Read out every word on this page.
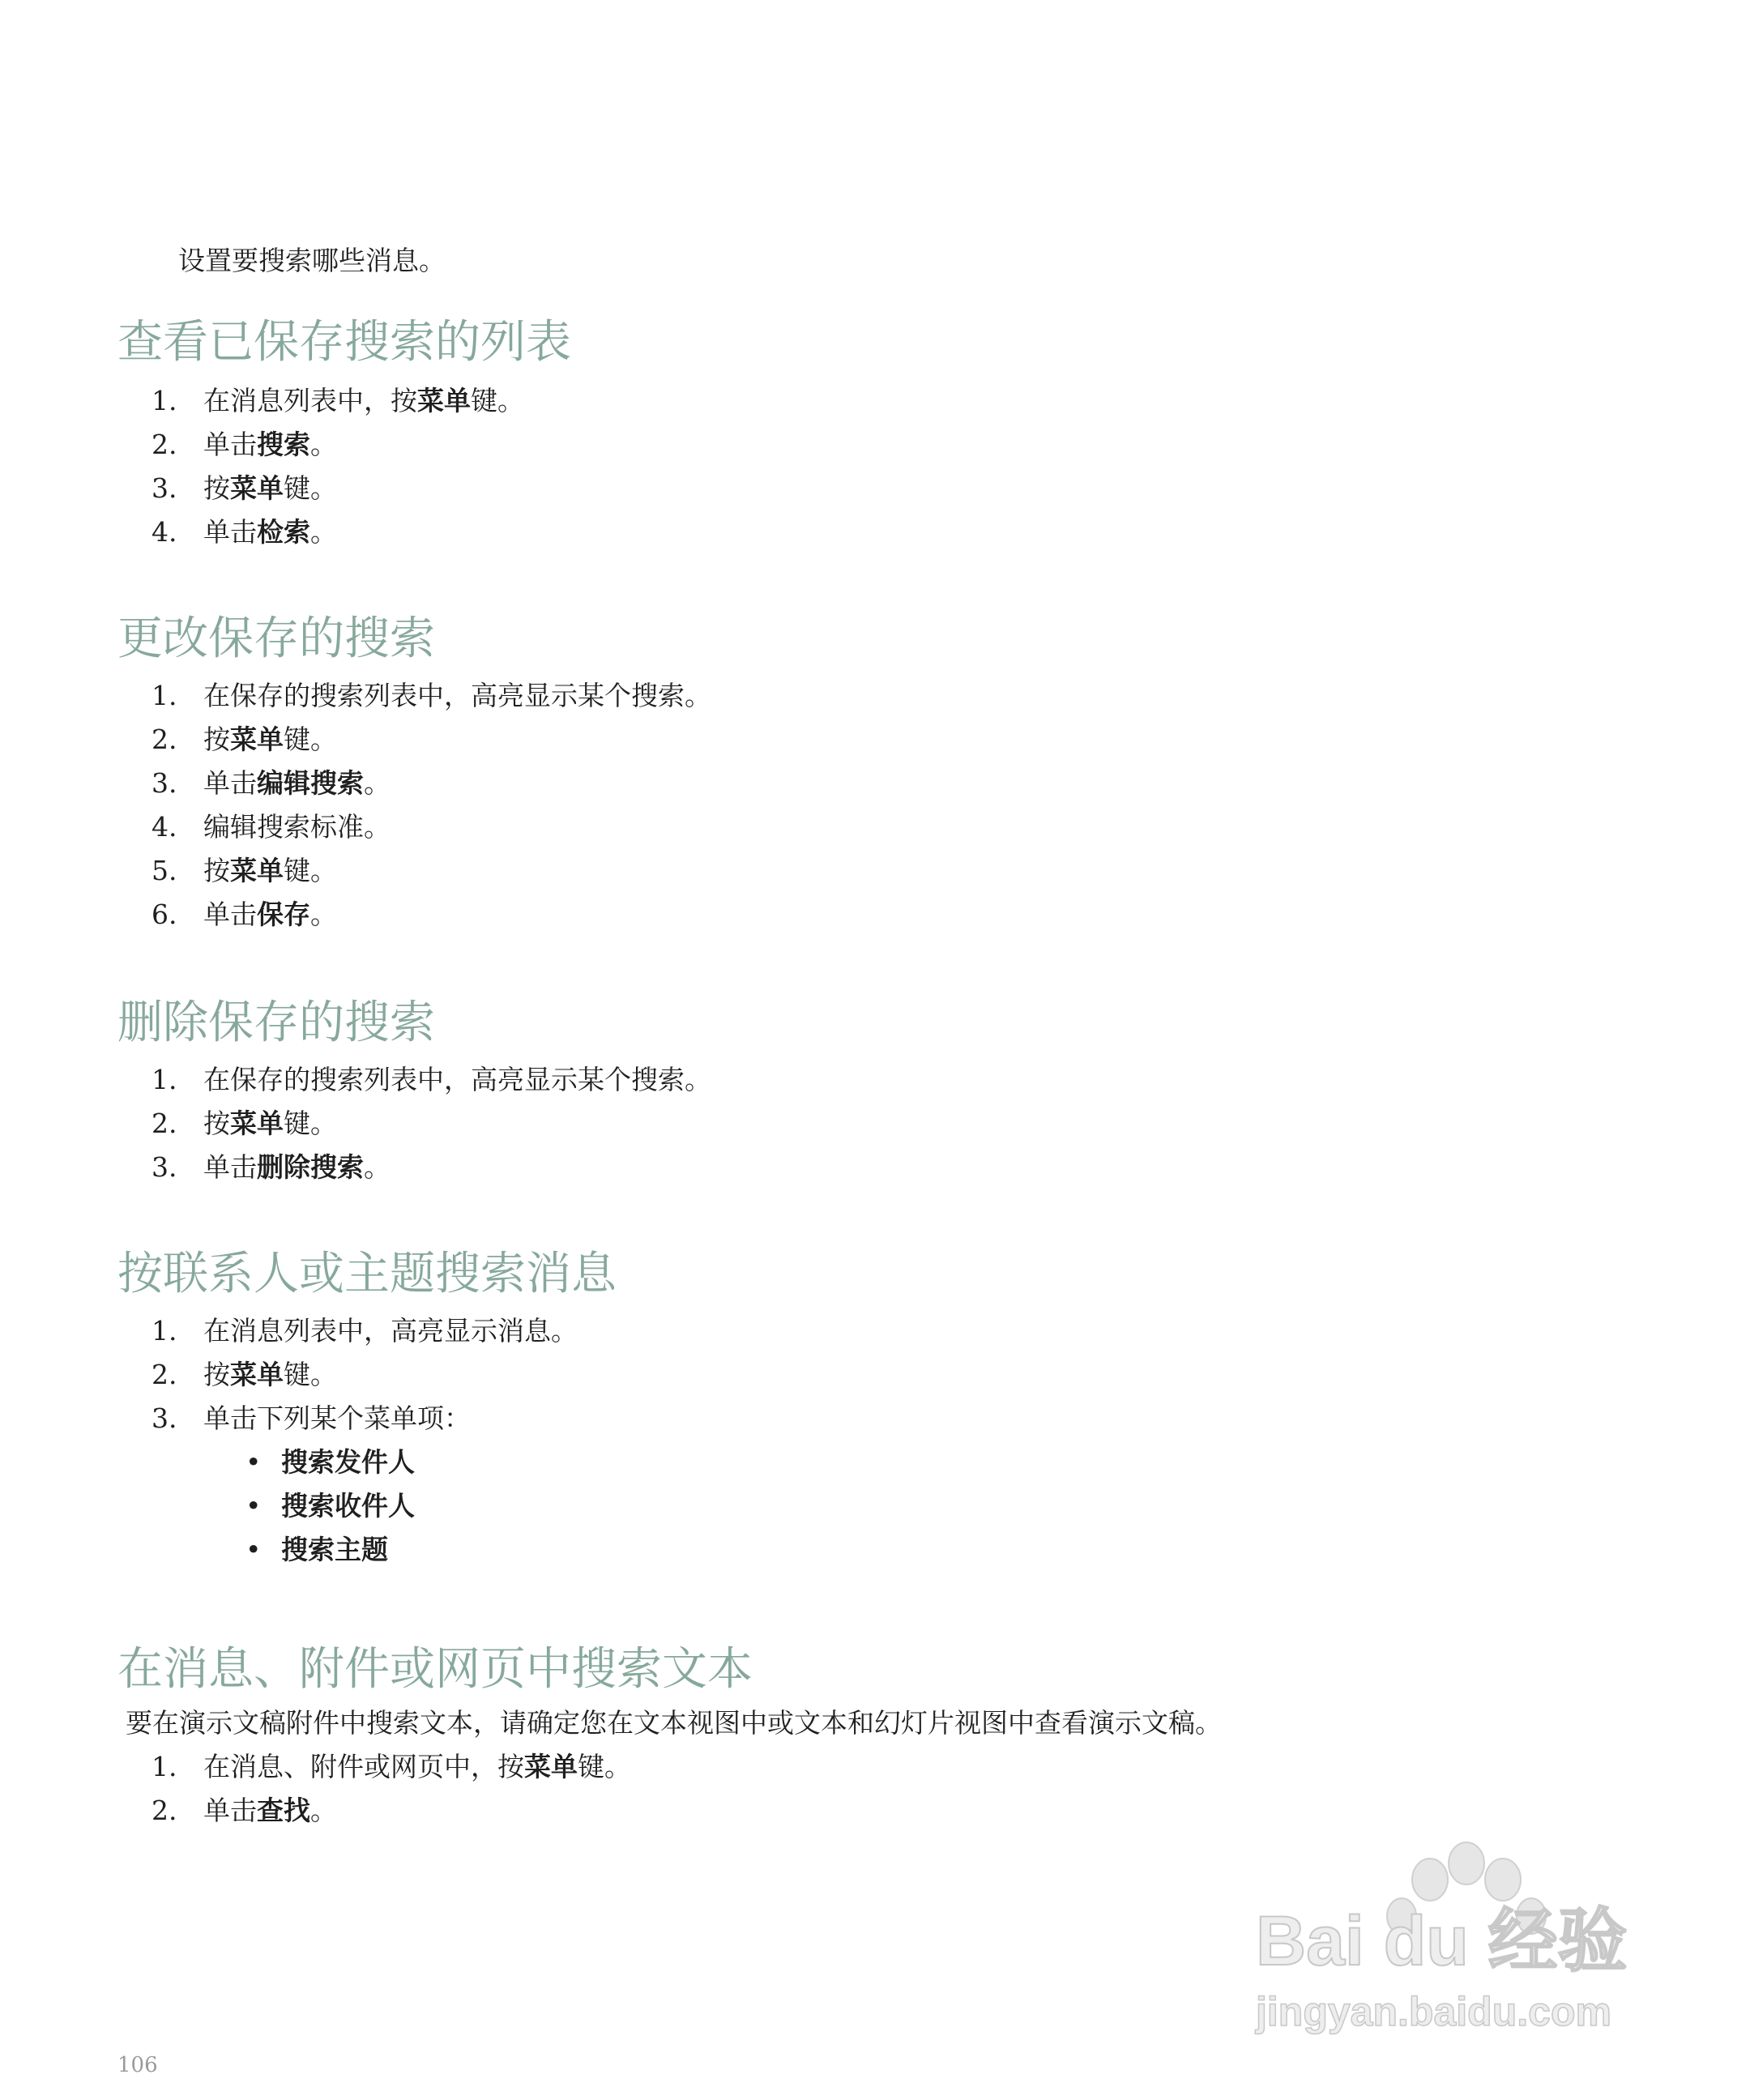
设置要搜索哪些消息。
查看已保存搜索的列表
1. 在消息列表中，按菜单键。
2. 单击搜索。
3. 按菜单键。
4. 单击检索。
更改保存的搜索
1. 在保存的搜索列表中，高亮显示某个搜索。
2. 按菜单键。
3. 单击编辑搜索。
4. 编辑搜索标准。
5. 按菜单键。
6. 单击保存。
删除保存的搜索
1. 在保存的搜索列表中，高亮显示某个搜索。
2. 按菜单键。
3. 单击删除搜索。
按联系人或主题搜索消息
1. 在消息列表中，高亮显示消息。
2. 按菜单键。
3. 单击下列某个菜单项：
• 搜索发件人
• 搜索收件人
• 搜索主题
在消息、附件或网页中搜索文本
要在演示文稿附件中搜索文本，请确定您在文本视图中或文本和幻灯片视图中查看演示文稿。
1. 在消息、附件或网页中，按菜单键。
2. 单击查找。
Bai du 经验
jingyan.baidu.com
106
